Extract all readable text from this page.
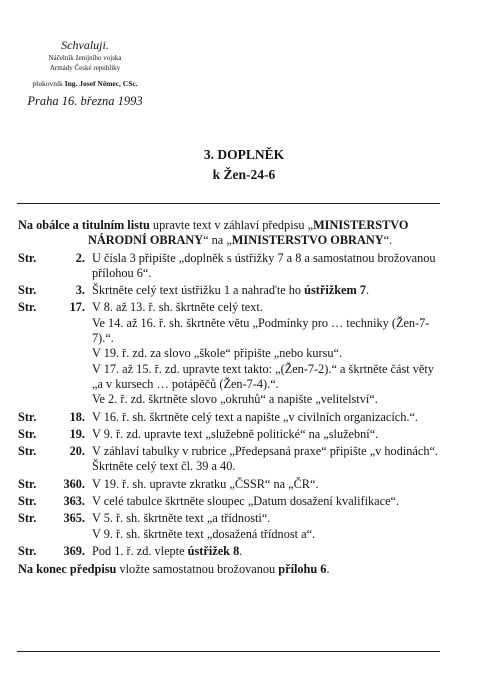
Schvaluji.
Náčelník ženijního vojska
Armády České republiky
plukovník Ing. Josef Němec, CSc.
Praha 16. března 1993
3. DOPLNĚK
k Žen-24-6
Na obálce a titulním listu upravte text v záhlaví předpisu „MINISTERSTVO NÁRODNÍ OBRANY“ na „MINISTERSTVO OBRANY“.
Str.	2. U čísla 3 připište „doplněk s ústřižky 7 a 8 a samostatnou brožovanou přílohou 6“.
Str.	3. Škrtněte celý text ústřižku 1 a nahraďte ho ústřižkem 7.
Str.	17. V 8. až 13. ř. sh. škrtněte celý text.
Ve 14. až 16. ř. sh. škrtněte větu „Podmínky pro … techniky (Žen-7-7).“.
V 19. ř. zd. za slovo „škole“ připište „nebo kursu“.
V 17. až 15. ř. zd. upravte text takto: „(Žen-7-2).“ a škrtněte část věty „a v kursech … potápěčů (Žen-7-4).“.
Ve 2. ř. zd. škrtněte slovo „okruhů“ a napište „velitelství“.
Str.	18. V 16. ř. sh. škrtněte celý text a napište „v civilních organizacích.“.
Str.	19. V 9. ř. zd. upravte text „služebně politické“ na „služební“.
Str.	20. V záhlaví tabulky v rubrice „Předepsaná praxe“ připište „v hodinách“.
Škrtněte celý text čl. 39 a 40.
Str.	360. V 19. ř. sh. upravte zkratku „ČSSR“ na „ČR“.
Str.	363. V celé tabulce škrtněte sloupec „Datum dosažení kvalifikace“.
Str.	365. V 5. ř. sh. škrtněte text „a třídnosti“.
V 9. ř. sh. škrtněte text „dosažená třídnost a“.
Str.	369. Pod 1. ř. zd. vlepte ústřižek 8.
Na konec předpisu vložte samostatnou brožovanou přílohu 6.
